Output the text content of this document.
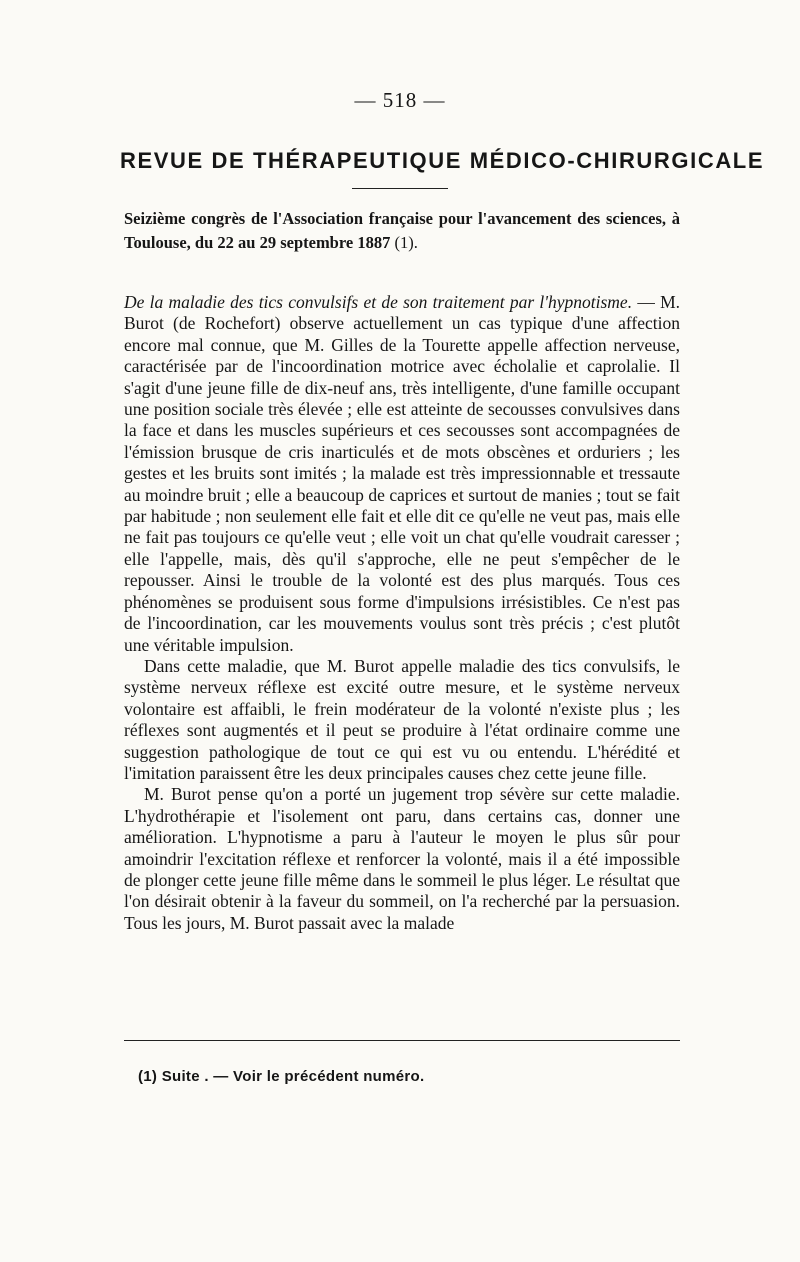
— 518 —
REVUE DE THÉRAPEUTIQUE MÉDICO-CHIRURGICALE
Seizième congrès de l'Association française pour l'avancement des sciences, à Toulouse, du 22 au 29 septembre 1887 (1).

De la maladie des tics convulsifs et de son traitement par l'hypnotisme. — M. Burot (de Rochefort) observe actuellement un cas typique d'une affection encore mal connue, que M. Gilles de la Tourette appelle affection nerveuse, caractérisée par de l'incoordination motrice avec écholalie et caprolalie. Il s'agit d'une jeune fille de dix-neuf ans, très intelligente, d'une famille occupant une position sociale très élevée ; elle est atteinte de secousses convulsives dans la face et dans les muscles supérieurs et ces secousses sont accompagnées de l'émission brusque de cris inarticulés et de mots obscènes et orduriers ; les gestes et les bruits sont imités ; la malade est très impressionnable et tressaute au moindre bruit ; elle a beaucoup de caprices et surtout de manies ; tout se fait par habitude ; non seulement elle fait et elle dit ce qu'elle ne veut pas, mais elle ne fait pas toujours ce qu'elle veut ; elle voit un chat qu'elle voudrait caresser ; elle l'appelle, mais, dès qu'il s'approche, elle ne peut s'empêcher de le repousser. Ainsi le trouble de la volonté est des plus marqués. Tous ces phénomènes se produisent sous forme d'impulsions irrésistibles. Ce n'est pas de l'incoordination, car les mouvements voulus sont très précis ; c'est plutôt une véritable impulsion.

Dans cette maladie, que M. Burot appelle maladie des tics convulsifs, le système nerveux réflexe est excité outre mesure, et le système nerveux volontaire est affaibli, le frein modérateur de la volonté n'existe plus ; les réflexes sont augmentés et il peut se produire à l'état ordinaire comme une suggestion pathologique de tout ce qui est vu ou entendu. L'hérédité et l'imitation paraissent être les deux principales causes chez cette jeune fille.

M. Burot pense qu'on a porté un jugement trop sévère sur cette maladie. L'hydrothérapie et l'isolement ont paru, dans certains cas, donner une amélioration. L'hypnotisme a paru à l'auteur le moyen le plus sûr pour amoindrir l'excitation réflexe et renforcer la volonté, mais il a été impossible de plonger cette jeune fille même dans le sommeil le plus léger. Le résultat que l'on désirait obtenir à la faveur du sommeil, on l'a recherché par la persuasion. Tous les jours, M. Burot passait avec la malade

(1) Suite . — Voir le précédent numéro.
